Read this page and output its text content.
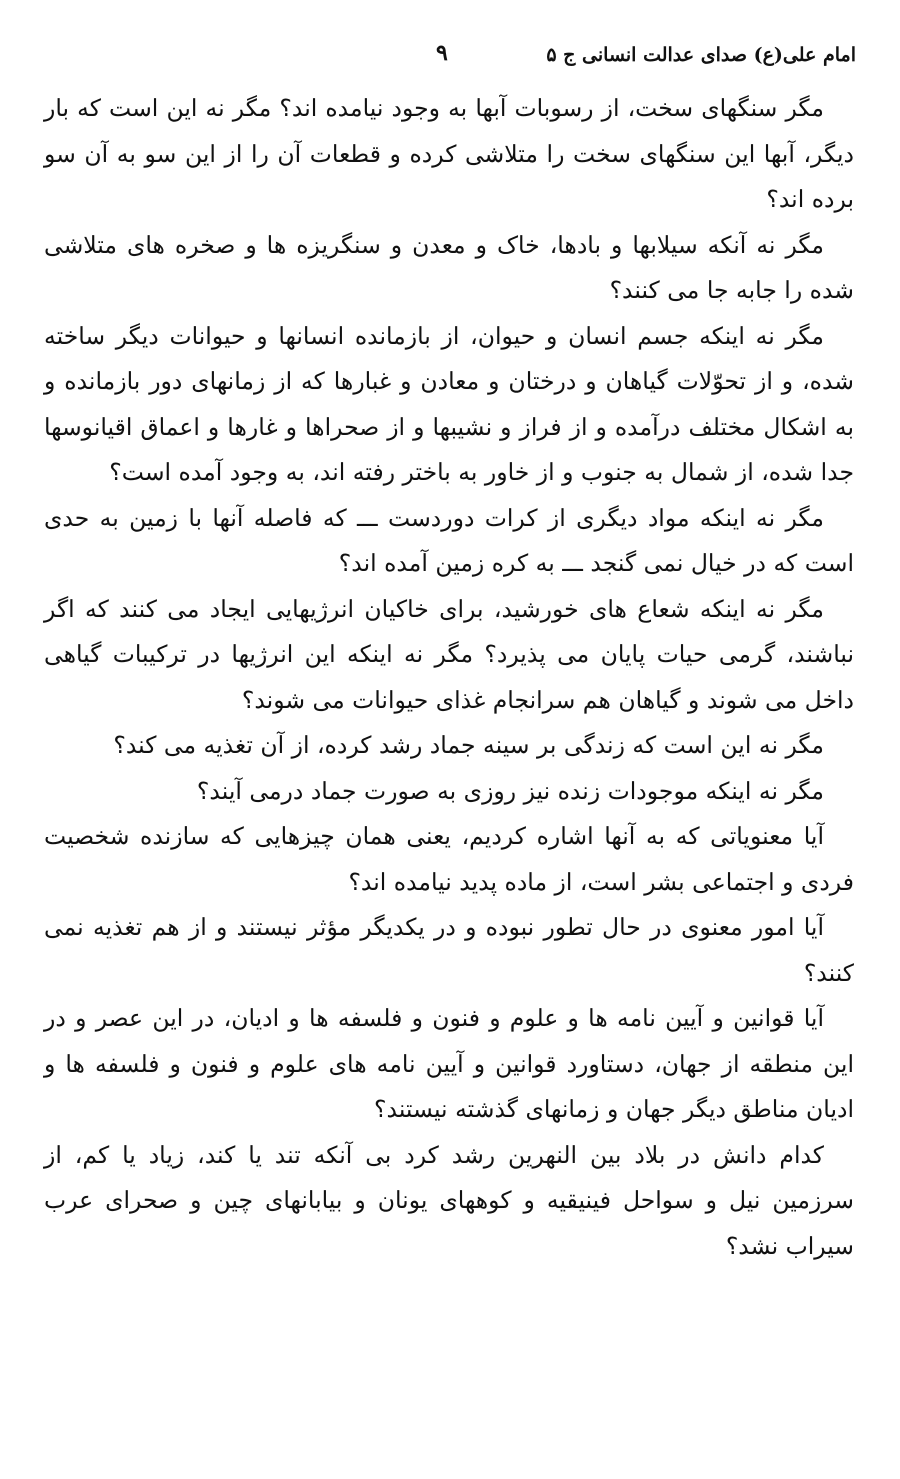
امام علی(ع) صدای عدالت انسانی ج ۵
۹

مگر سنگهای سخت، از رسوبات آبها به وجود نیامده اند؟ مگر نه این است که بار دیگر، آبها این سنگهای سخت را متلاشی کرده و قطعات آن را از این سو به آن سو برده اند؟

مگر نه آنکه سیلابها و بادها، خاک و معدن و سنگریزه ها و صخره های متلاشی شده را جابه جا می کنند؟

مگر نه اینکه جسم انسان و حیوان، از بازمانده انسانها و حیوانات دیگر ساخته شده، و از تحوّلات گیاهان و درختان و معادن و غبارها که از زمانهای دور بازمانده و به اشکال مختلف درآمده و از فراز و نشیبها و از صحراها و غارها و اعماق اقیانوسها جدا شده، از شمال به جنوب و از خاور به باختر رفته اند، به وجود آمده است؟

مگر نه اینکه مواد دیگری از کرات دوردست ـــ که فاصله آنها با زمین به حدی است که در خیال نمی گنجد ـــ به کره زمین آمده اند؟

مگر نه اینکه شعاع های خورشید، برای خاکیان انرژیهایی ایجاد می کنند که اگر نباشند، گرمی حیات پایان می پذیرد؟ مگر نه اینکه این انرژیها در ترکیبات گیاهی داخل می شوند و گیاهان هم سرانجام غذای حیوانات می شوند؟

مگر نه این است که زندگی بر سینه جماد رشد کرده، از آن تغذیه می کند؟

مگر نه اینکه موجودات زنده نیز روزی به صورت جماد درمی آیند؟

آیا معنویاتی که به آنها اشاره کردیم، یعنی همان چیزهایی که سازنده شخصیت فردی و اجتماعی بشر است، از ماده پدید نیامده اند؟

آیا امور معنوی در حال تطور نبوده و در یکدیگر مؤثر نیستند و از هم تغذیه نمی کنند؟

آیا قوانین و آیین نامه ها و علوم و فنون و فلسفه ها و ادیان، در این عصر و در این منطقه از جهان، دستاورد قوانین و آیین نامه های علوم و فنون و فلسفه ها و ادیان مناطق دیگر جهان و زمانهای گذشته نیستند؟

کدام دانش در بلاد بین النهرین رشد کرد بی آنکه تند یا کند، زیاد یا کم، از سرزمین نیل و سواحل فینیقیه و کوههای یونان و بیابانهای چین و صحرای عرب سیراب نشد؟
